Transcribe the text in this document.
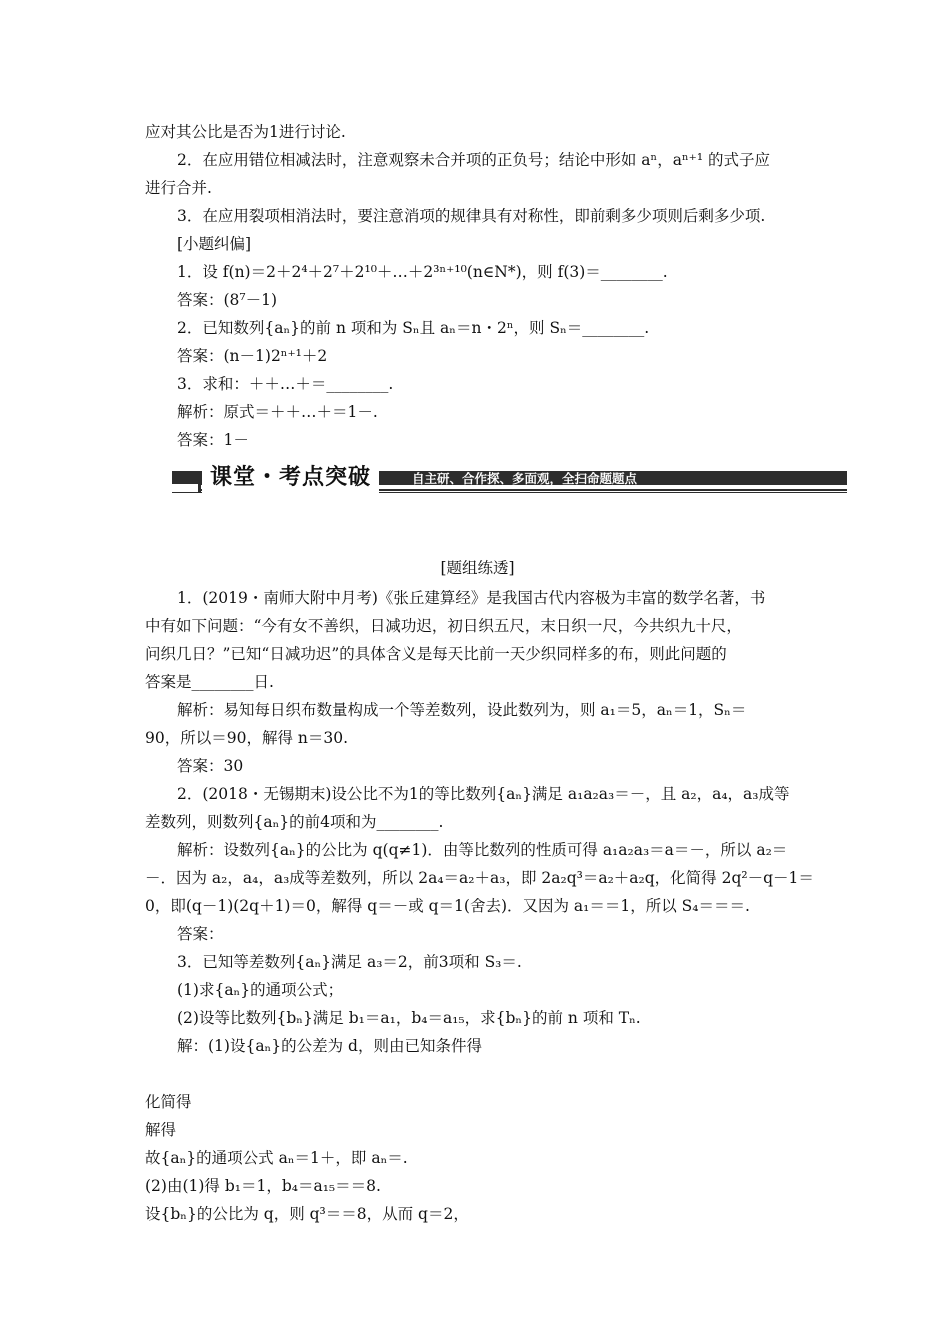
应对其公比是否为1进行讨论.
2．在应用错位相减法时，注意观察未合并项的正负号；结论中形如 aⁿ，aⁿ⁺¹ 的式子应
进行合并.
3．在应用裂项相消法时，要注意消项的规律具有对称性，即前剩多少项则后剩多少项.
[小题纠偏]
1．设 f(n)＝2＋2⁴＋2⁷＋2¹⁰＋…＋2³ⁿ⁺¹⁰(n∈N*)，则 f(3)＝________.
答案：(8⁷－1)
2．已知数列{aₙ}的前 n 项和为 Sₙ且 aₙ＝n・2ⁿ，则 Sₙ＝________.
答案：(n－1)2ⁿ⁺¹＋2
3．求和：＋＋…＋＝________.
解析：原式＝＋＋…＋＝1－.
答案：1－
课堂・考点突破	自主研、合作探、多面观，全扫命题题点
[题组练透]
1．(2019・南师大附中月考)《张丘建算经》是我国古代内容极为丰富的数学名著，书
中有如下问题：“今有女不善织，日减功迟，初日织五尺，末日织一尺，今共织九十尺，
问织几日？”已知“日减功迟”的具体含义是每天比前一天少织同样多的布，则此问题的
答案是________日.
解析：易知每日织布数量构成一个等差数列，设此数列为，则 a₁＝5，aₙ＝1，Sₙ＝
90，所以＝90，解得 n＝30.
答案：30
2．(2018・无锡期末)设公比不为1的等比数列{aₙ}满足 a₁a₂a₃＝－，且 a₂，a₄，a₃成等
差数列，则数列{aₙ}的前4项和为________.
解析：设数列{aₙ}的公比为 q(q≠1)．由等比数列的性质可得 a₁a₂a₃＝a＝－，所以 a₂＝
－．因为 a₂，a₄，a₃成等差数列，所以 2a₄＝a₂＋a₃，即 2a₂q³＝a₂＋a₂q，化简得 2q²－q－1＝
0，即(q－1)(2q＋1)＝0，解得 q＝－或 q＝1(舍去)．又因为 a₁＝＝1，所以 S₄＝＝＝.
答案：
3．已知等差数列{aₙ}满足 a₃＝2，前3项和 S₃＝.
(1)求{aₙ}的通项公式；
(2)设等比数列{bₙ}满足 b₁＝a₁，b₄＝a₁₅，求{bₙ}的前 n 项和 Tₙ.
解：(1)设{aₙ}的公差为 d，则由已知条件得
化简得
解得
故{aₙ}的通项公式 aₙ＝1＋，即 aₙ＝.
(2)由(1)得 b₁＝1，b₄＝a₁₅＝＝8.
设{bₙ}的公比为 q，则 q³＝＝8，从而 q＝2，
